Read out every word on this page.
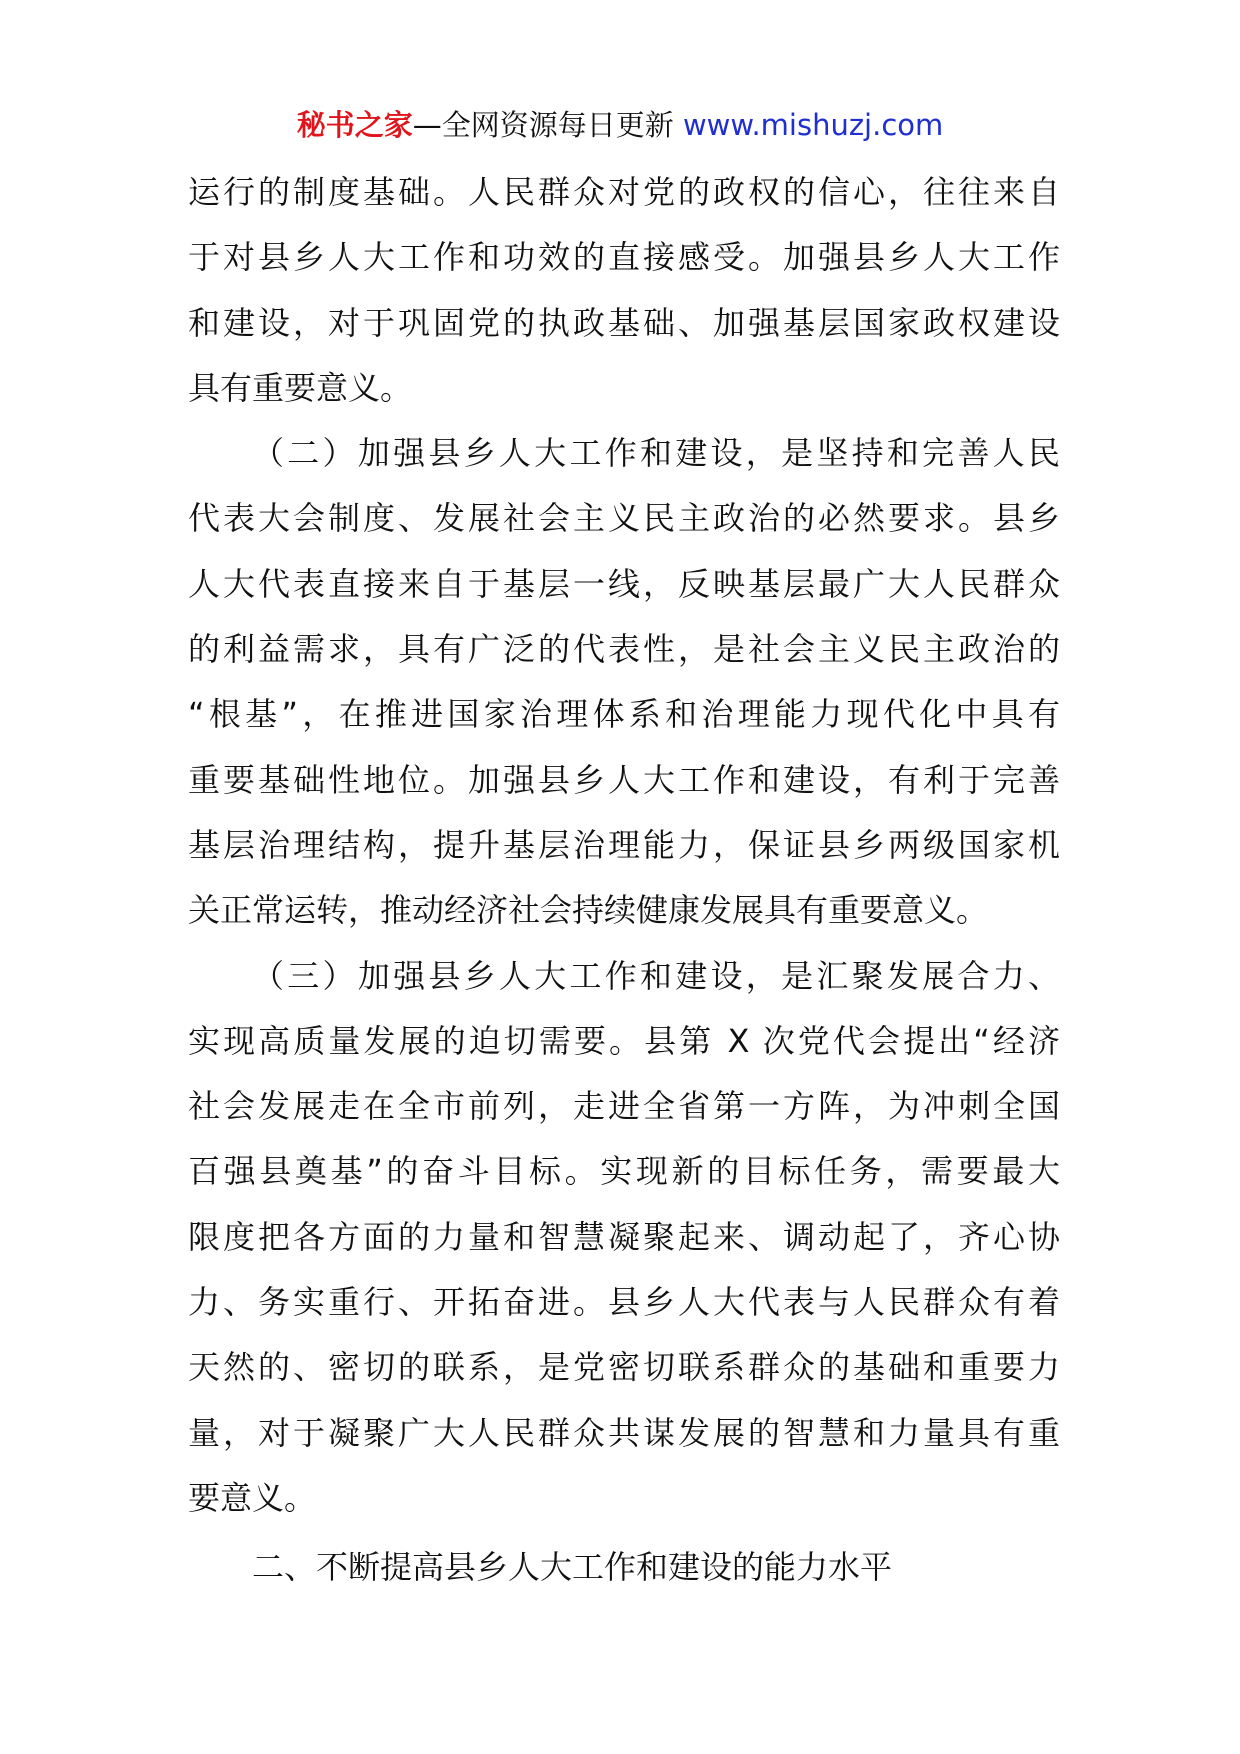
秘书之家—全网资源每日更新 www.mishuzj.com
运行的制度基础。人民群众对党的政权的信心，往往来自
于对县乡人大工作和功效的直接感受。加强县乡人大工作
和建设，对于巩固党的执政基础、加强基层国家政权建设
具有重要意义。
（二）加强县乡人大工作和建设，是坚持和完善人民
代表大会制度、发展社会主义民主政治的必然要求。县乡
人大代表直接来自于基层一线，反映基层最广大人民群众
的利益需求，具有广泛的代表性，是社会主义民主政治的
“根基”，在推进国家治理体系和治理能力现代化中具有
重要基础性地位。加强县乡人大工作和建设，有利于完善
基层治理结构，提升基层治理能力，保证县乡两级国家机
关正常运转，推动经济社会持续健康发展具有重要意义。
（三）加强县乡人大工作和建设，是汇聚发展合力、
实现高质量发展的迫切需要。县第 X 次党代会提出“经济
社会发展走在全市前列，走进全省第一方阵，为冲刺全国
百强县奠基”的奋斗目标。实现新的目标任务，需要最大
限度把各方面的力量和智慧凝聚起来、调动起了，齐心协
力、务实重行、开拓奋进。县乡人大代表与人民群众有着
天然的、密切的联系，是党密切联系群众的基础和重要力
量，对于凝聚广大人民群众共谋发展的智慧和力量具有重
要意义。
二、不断提高县乡人大工作和建设的能力水平
